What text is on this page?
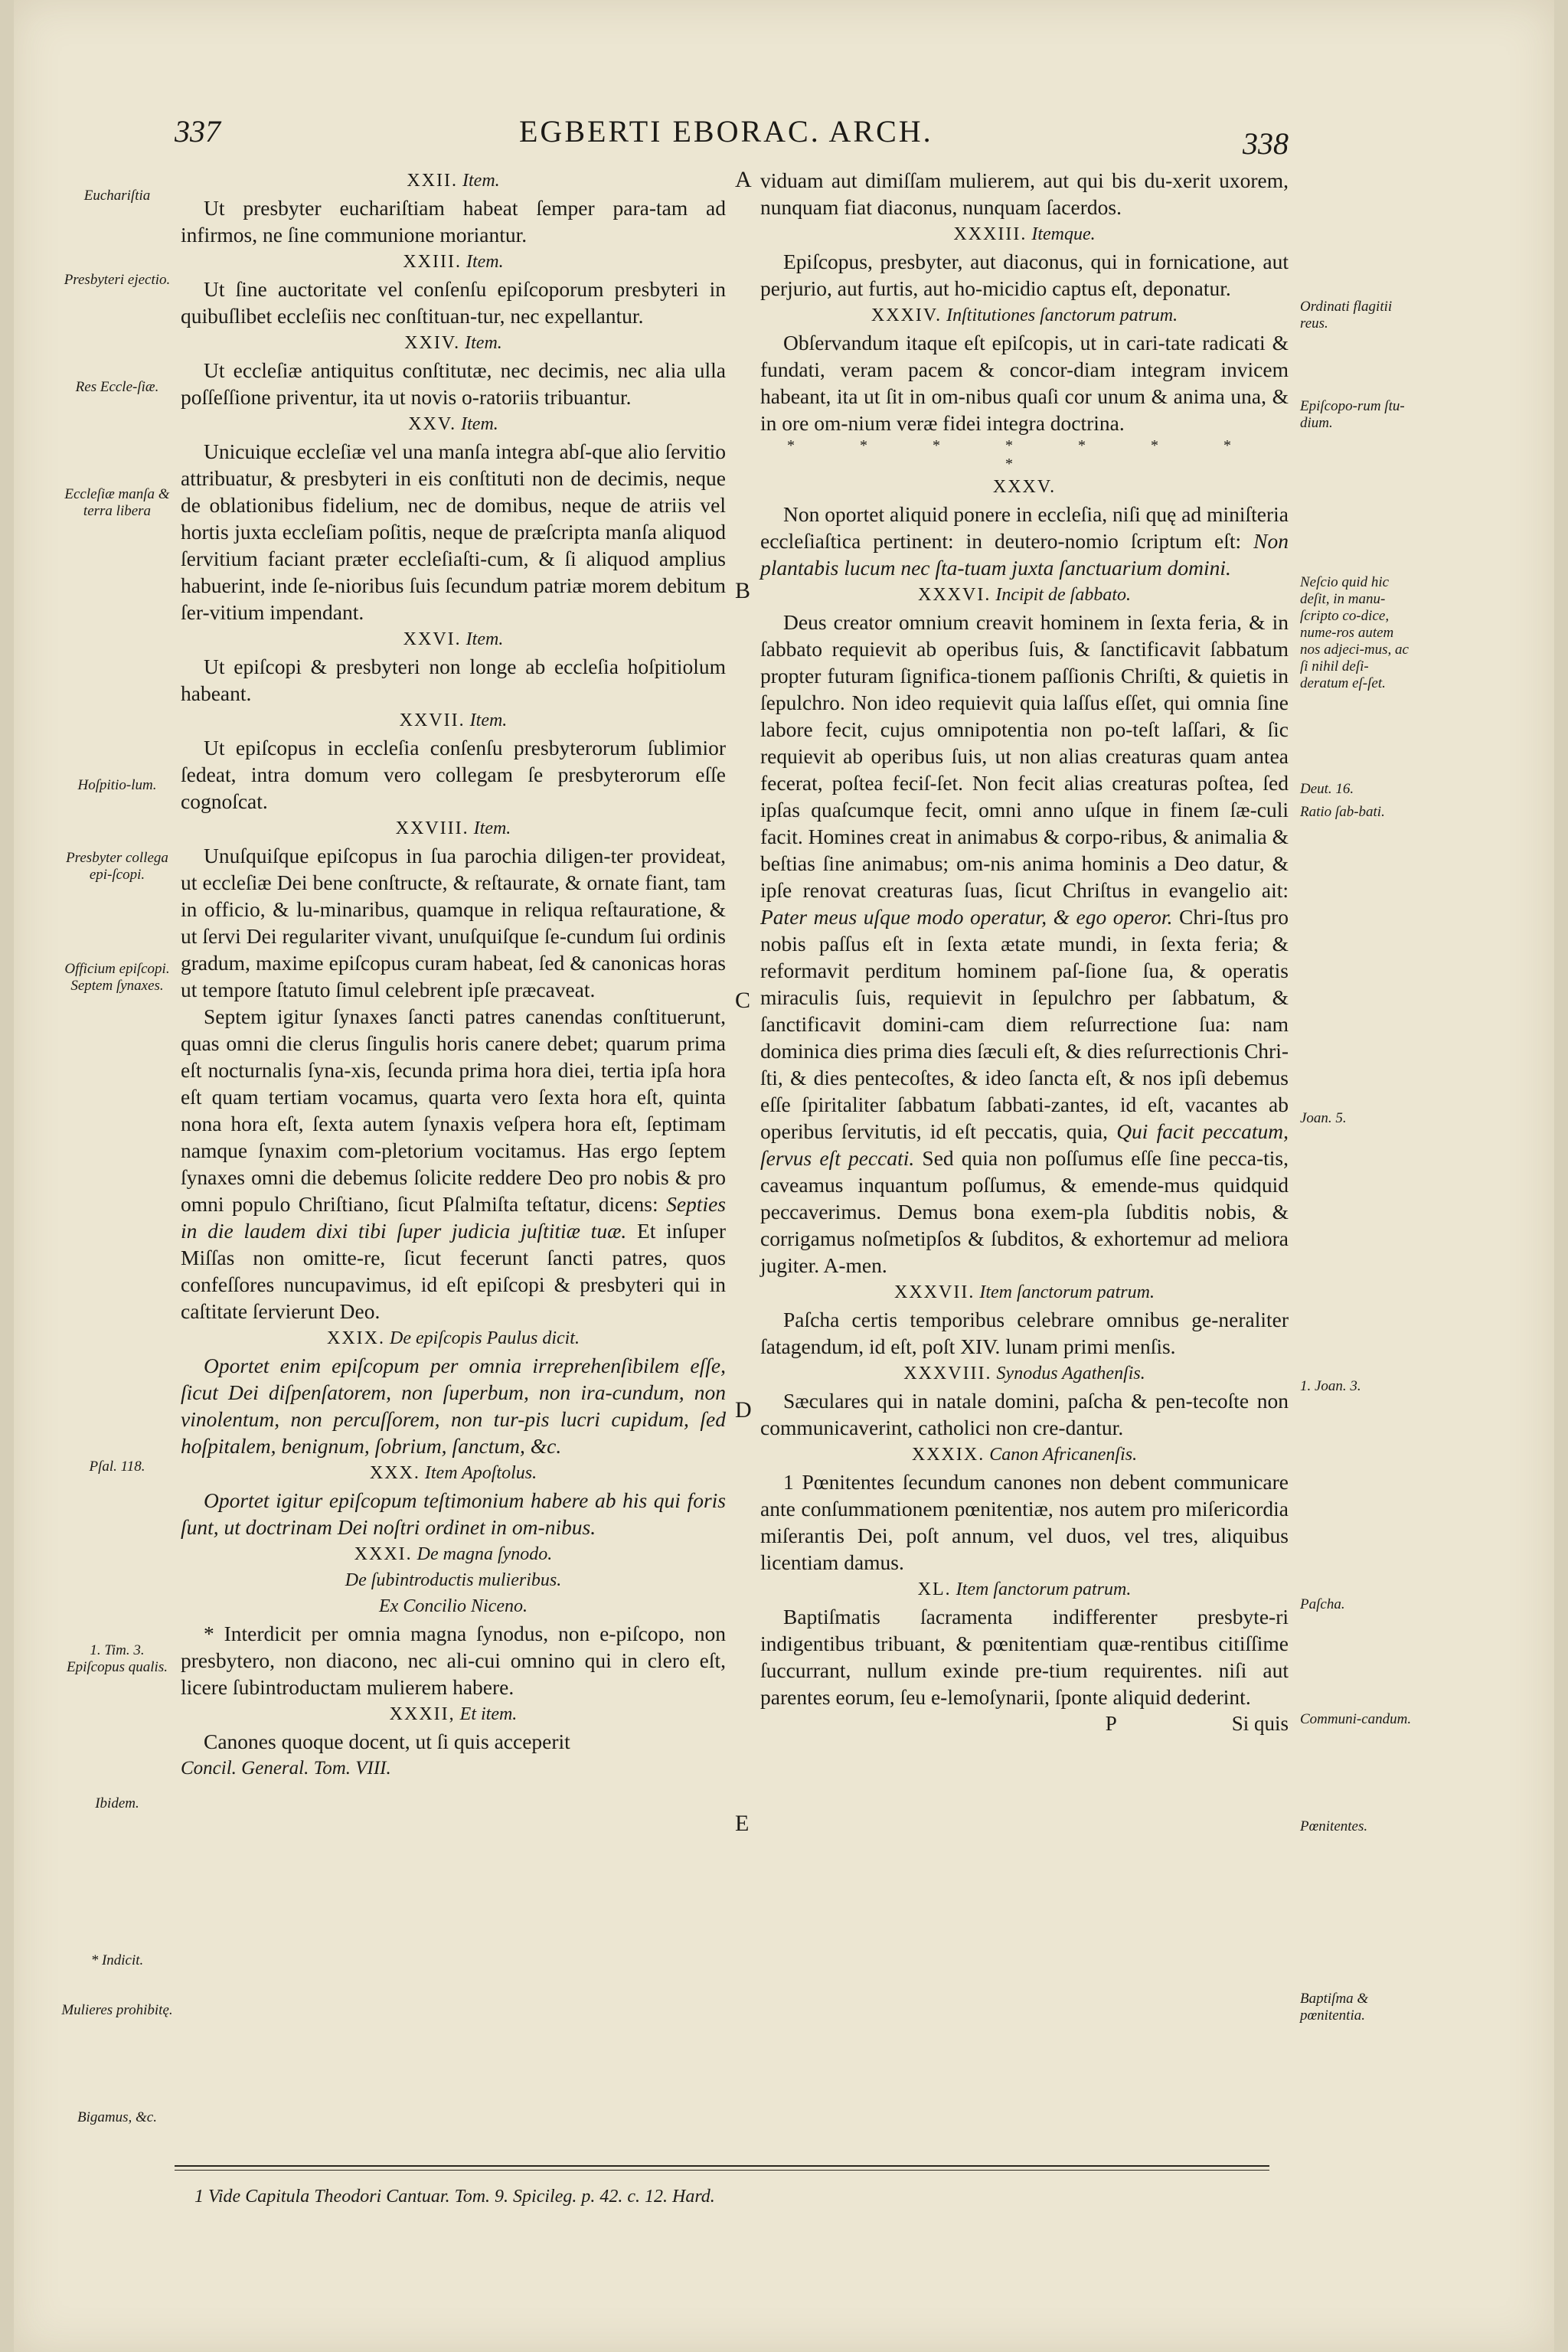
337	EGBERTI EBORAC. ARCH.	338
A
B
C
D
E
Euchariſtia
Presbyteri ejectio.
Res Eccle-ſiæ.
Eccleſiæ manſa & terra libera
Hoſpitio-lum.
Presbyter collega epi-ſcopi.
Officium epiſcopi. Septem ſynaxes.
Pſal. 118.
1. Tim. 3. Epiſcopus qualis.
Ibidem.
* Indicit.
Mulieres prohibitę.
Bigamus, &c.
Ordinati flagitii reus.
Epiſcopo-rum ſtu-dium.
Neſcio quid hic deſit, in manu-ſcripto co-dice, nume-ros autem nos adjeci-mus, ac ſi nihil deſi-deratum eſ-ſet.
Deut. 16.
Ratio ſab-bati.
Joan. 5.
1. Joan. 3.
Paſcha.
Communi-candum.
Pœnitentes.
Baptiſma & pœnitentia.
XXII. Item.

Ut presbyter euchariſtiam habeat ſemper para-tam ad infirmos, ne ſine communione moriantur.

XXIII. Item.

Ut ſine auctoritate vel conſenſu epiſcoporum presbyteri in quibuſlibet eccleſiis nec conſtituan-tur, nec expellantur.

XXIV. Item.

Ut eccleſiæ antiquitus conſtitutæ, nec decimis, nec alia ulla poſſeſſione priventur, ita ut novis o-ratoriis tribuantur.

XXV. Item.

Unicuique eccleſiæ vel una manſa integra abſ-que alio ſervitio attribuatur, & presbyteri in eis conſtituti non de decimis, neque de oblationibus fidelium, nec de domibus, neque de atriis vel hortis juxta eccleſiam poſitis, neque de præſcripta manſa aliquod ſervitium faciant præter eccleſiaſti-cum, & ſi aliquod amplius habuerint, inde ſe-nioribus ſuis ſecundum patriæ morem debitum ſer-vitium impendant.

XXVI. Item.

Ut epiſcopi & presbyteri non longe ab eccleſia hoſpitiolum habeant.

XXVII. Item.

Ut epiſcopus in eccleſia conſenſu presbyterorum ſublimior ſedeat, intra domum vero collegam ſe presbyterorum eſſe cognoſcat.

XXVIII. Item.

Unuſquiſque epiſcopus in ſua parochia diligen-ter provideat, ut eccleſiæ Dei bene conſtructe, & reſtaurate, & ornate fiant, tam in officio, & lu-minaribus, quamque in reliqua reſtauratione, & ut ſervi Dei regulariter vivant, unuſquiſque ſe-cundum ſui ordinis gradum, maxime epiſcopus curam habeat, ſed & canonicas horas ut tempore ſtatuto ſimul celebrent ipſe præcaveat.

Septem igitur ſynaxes ſancti patres canendas conſtituerunt, quas omni die clerus ſingulis horis canere debet; quarum prima eſt nocturnalis ſyna-xis, ſecunda prima hora diei, tertia ipſa hora eſt quam tertiam vocamus, quarta vero ſexta hora eſt, quinta nona hora eſt, ſexta autem ſynaxis veſpera hora eſt, ſeptimam namque ſynaxim com-pletorium vocitamus. Has ergo ſeptem ſynaxes omni die debemus ſolicite reddere Deo pro nobis & pro omni populo Chriſtiano, ſicut Pſalmiſta teſtatur, dicens: Septies in die laudem dixi tibi ſuper judicia juſtitiæ tuæ. Et inſuper Miſſas non omitte-re, ſicut fecerunt ſancti patres, quos confeſſores nuncupavimus, id eſt epiſcopi & presbyteri qui in caſtitate ſervierunt Deo.

XXIX. De epiſcopis Paulus dicit.

Oportet enim epiſcopum per omnia irreprehenſibilem eſſe, ſicut Dei diſpenſatorem, non ſuperbum, non ira-cundum, non vinolentum, non percuſſorem, non tur-pis lucri cupidum, ſed hoſpitalem, benignum, ſobrium, ſanctum, &c.

XXX. Item Apoſtolus.

Oportet igitur epiſcopum teſtimonium habere ab his qui foris ſunt, ut doctrinam Dei noſtri ordinet in om-nibus.

XXXI. De magna ſynodo.
De ſubintroductis mulieribus.
Ex Concilio Niceno.

* Interdicit per omnia magna ſynodus, non e-piſcopo, non presbytero, non diacono, nec ali-cui omnino qui in clero eſt, licere ſubintroductam mulierem habere.

XXXII, Et item.

Canones quoque docent, ut ſi quis acceperit

Concil. General. Tom. VIII.

viduam aut dimiſſam mulierem, aut qui bis du-xerit uxorem, nunquam fiat diaconus, nunquam ſacerdos.

XXXIII. Itemque.

Epiſcopus, presbyter, aut diaconus, qui in fornicatione, aut perjurio, aut furtis, aut ho-micidio captus eſt, deponatur.

XXXIV. Inſtitutiones ſanctorum patrum.

Obſervandum itaque eſt epiſcopis, ut in cari-tate radicati & fundati, veram pacem & concor-diam integram invicem habeant, ita ut ſit in om-nibus quaſi cor unum & anima una, & in ore om-nium veræ fidei integra doctrina.

* * * * * * * *
XXXV.

Non oportet aliquid ponere in eccleſia, niſi quę ad miniſteria eccleſiaſtica pertinent: in deutero-nomio ſcriptum eſt: Non plantabis lucum nec ſta-tuam juxta ſanctuarium domini.

XXXVI. Incipit de ſabbato.

Deus creator omnium creavit hominem in ſexta feria, & in ſabbato requievit ab operibus ſuis, & ſanctificavit ſabbatum propter futuram ſignifica-tionem paſſionis Chriſti, & quietis in ſepulchro. Non ideo requievit quia laſſus eſſet, qui omnia ſine labore fecit, cujus omnipotentia non po-teſt laſſari, & ſic requievit ab operibus ſuis, ut non alias creaturas quam antea fecerat, poſtea feciſ-ſet. Non fecit alias creaturas poſtea, ſed ipſas quaſcumque fecit, omni anno uſque in finem ſæ-culi facit. Homines creat in animabus & corpo-ribus, & animalia & beſtias ſine animabus; om-nis anima hominis a Deo datur, & ipſe renovat creaturas ſuas, ſicut Chriſtus in evangelio ait: Pater meus uſque modo operatur, & ego operor. Chri-ſtus pro nobis paſſus eſt in ſexta ætate mundi, in ſexta feria; & reformavit perditum hominem paſ-ſione ſua, & operatis miraculis ſuis, requievit in ſepulchro per ſabbatum, & ſanctificavit domini-cam diem reſurrectione ſua: nam dominica dies prima dies ſæculi eſt, & dies reſurrectionis Chri-ſti, & dies pentecoſtes, & ideo ſancta eſt, & nos ipſi debemus eſſe ſpiritaliter ſabbatum ſabbati-zantes, id eſt, vacantes ab operibus ſervitutis, id eſt peccatis, quia, Qui facit peccatum, ſervus eſt peccati. Sed quia non poſſumus eſſe ſine pecca-tis, caveamus inquantum poſſumus, & emende-mus quidquid peccaverimus. Demus bona exem-pla ſubditis nobis, & corrigamus noſmetipſos & ſubditos, & exhortemur ad meliora jugiter. A-men.

XXXVII. Item ſanctorum patrum.

Paſcha certis temporibus celebrare omnibus ge-neraliter ſatagendum, id eſt, poſt XIV. lunam primi menſis.

XXXVIII. Synodus Agathenſis.

Sæculares qui in natale domini, paſcha & pen-tecoſte non communicaverint, catholici non cre-dantur.

XXXIX. Canon Africanenſis.

1 Pœnitentes ſecundum canones non debent communicare ante conſummationem pœnitentiæ, nos autem pro miſericordia miſerantis Dei, poſt annum, vel duos, vel tres, aliquibus licentiam damus.

XL. Item ſanctorum patrum.

Baptiſmatis ſacramenta indifferenter presbyte-ri indigentibus tribuant, & pœnitentiam quæ-rentibus citiſſime ſuccurrant, nullum exinde pre-tium requirentes. niſi aut parentes eorum, ſeu e-lemoſynarii, ſponte aliquid dederint.

P	Si quis
1 Vide Capitula Theodori Cantuar. Tom. 9. Spicileg. p. 42. c. 12. Hard.
